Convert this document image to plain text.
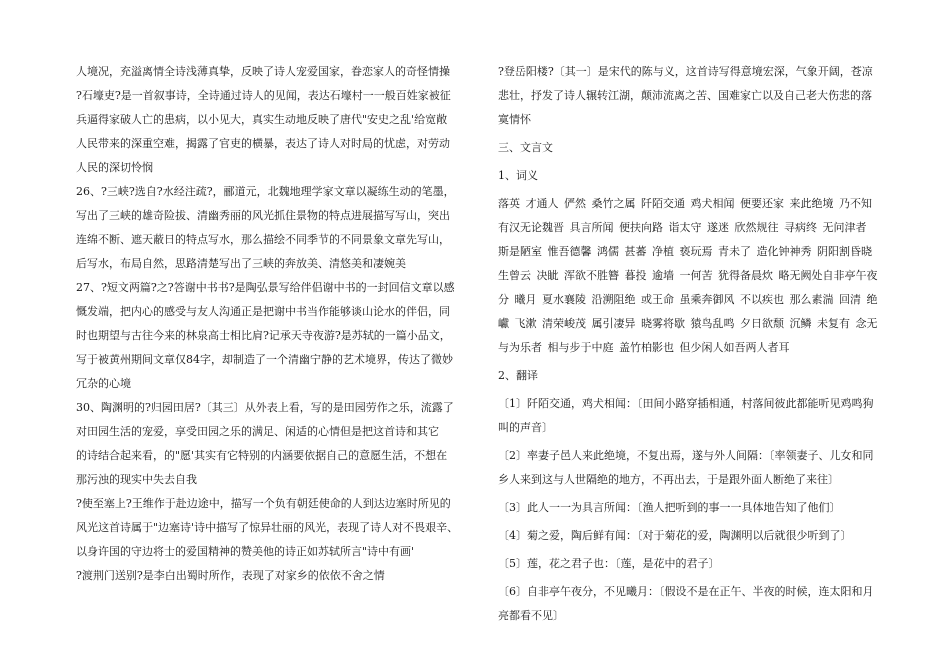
人境况，充溢离情全诗浅薄真挚，反映了诗人宠爱国家，眷恋家人的奇怪情操

?石壕吏?是一首叙事诗，全诗通过诗人的见闻，表达石壕村一一般百姓家被征

兵逼得家破人亡的患病，以小见大，真实生动地反映了唐代"安史之乱'给宽敞

人民带来的深重空难，揭露了官吏的横暴，表达了诗人对时局的忧虑，对劳动

人民的深切怜悯

26、?三峡?选自?水经注疏?，郦道元，北魏地理学家文章以凝练生动的笔墨，

写出了三峡的雄奇险拔、清幽秀丽的风光抓住景物的特点进展描写写山，突出

连绵不断、遮天蔽日的特点写水，那么描绘不同季节的不同景象文章先写山，

后写水，布局自然，思路清楚写出了三峡的奔放美、清悠美和凄婉美

27、?短文两篇?之?答谢中书书?是陶弘景写给伴侣谢中书的一封回信文章以感

慨发端，把内心的感受与友人沟通正是把谢中书当作能够谈山论水的伴侣，同

时也期望与古往今来的林泉高士相比肩?记承天寺夜游?是苏轼的一篇小品文，

写于被黄州期间文章仅84字，却制造了一个清幽宁静的艺术境界，传达了微妙

冗杂的心境

30、陶渊明的?归园田居?〔其三〕从外表上看，写的是田园劳作之乐，流露了

对田园生活的宠爱，享受田园之乐的满足、闲适的心情但是把这首诗和其它

的诗结合起来看，的"愿'其实有它特别的内涵要依据自己的意愿生活，不想在

那污浊的现实中失去自我

?使至塞上?王维作于赴边途中，描写一个负有朝廷使命的人到达边塞时所见的

风光这首诗属于"边塞诗'诗中描写了惊异壮丽的风光，表现了诗人对不畏艰辛、

以身许国的守边将士的爱国精神的赞美他的诗正如苏轼所言"诗中有画'

?渡荆门送别?是李白出蜀时所作，表现了对家乡的依依不舍之情

?登岳阳楼?〔其一〕是宋代的陈与义，这首诗写得意境宏深，气象开阔，苍凉

悲壮，抒发了诗人辗转江湖，颠沛流离之苦、国难家亡以及自己老大伤悲的落

寞情怀

三、文言文

1、词义

落英 才通人 俨然 桑竹之属 阡陌交通 鸡犬相闻 便要还家 来此绝境 乃不知

有汉无论魏晋 具言所闻 便扶向路 诣太守 遂迷 欣然规往 寻病终 无问津者

斯是陋室 惟吾德馨 鸿儒 甚蕃 净植 亵玩焉 青未了 造化钟神秀 阴阳割昏晓

生曾云 决眦 浑欲不胜簪 暮投 逾墙 一何苦 犹得备晨炊 略无阙处自非亭午夜

分 曦月 夏水襄陵 沿溯阻绝 或王命 虽乘奔御风 不以疾也 那么素湍 回清 绝

巘 飞漱 清荣峻茂 属引凄异 晓雾将歇 猿鸟乱鸣 夕日欲颓 沉鳞 未复有 念无

与为乐者 相与步于中庭 盖竹柏影也 但少闲人如吾两人者耳

2、翻译

〔1〕阡陌交通，鸡犬相闻：〔田间小路穿插相通，村落间彼此都能听见鸡鸣狗

叫的声音〕

〔2〕率妻子邑人来此绝境，不复出焉，遂与外人间隔：〔率领妻子、儿女和同

乡人来到这与人世隔绝的地方，不再出去，于是跟外面人断绝了来往〕

〔3〕此人一一为具言所闻：〔渔人把听到的事一一具体地告知了他们〕

〔4〕菊之爱，陶后鲜有闻：〔对于菊花的爱，陶渊明以后就很少听到了〕

〔5〕莲，花之君子也：〔莲，是花中的君子〕

〔6〕自非亭午夜分，不见曦月：〔假设不是在正午、半夜的时候，连太阳和月

亮都看不见〕
